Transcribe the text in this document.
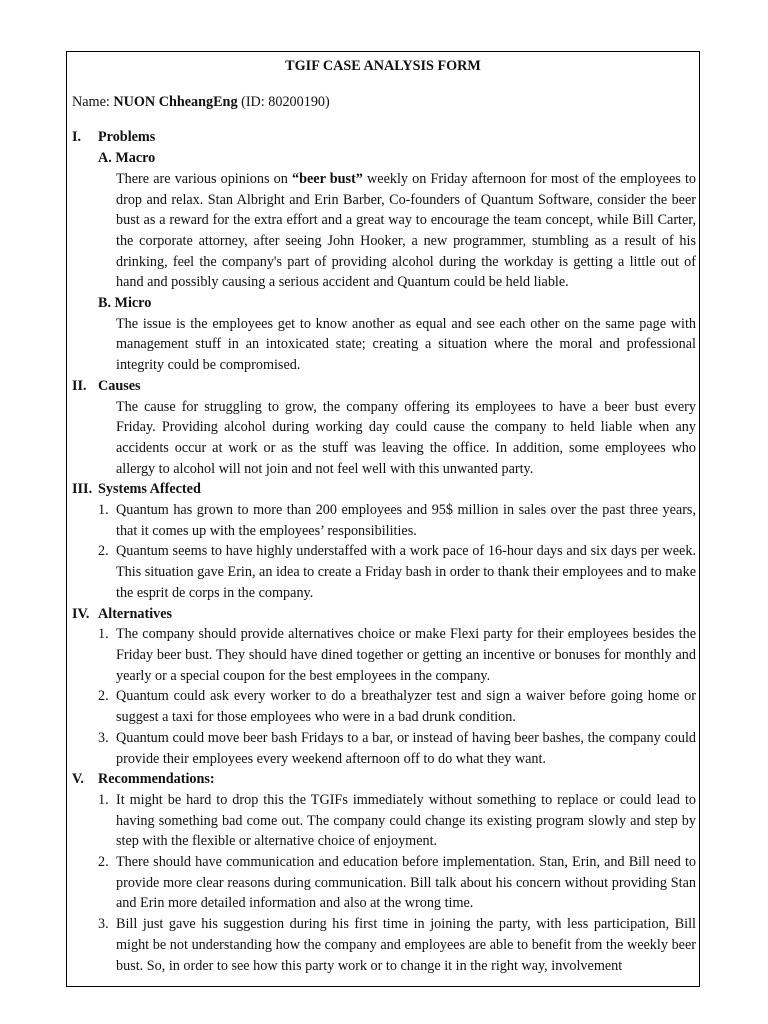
TGIF CASE ANALYSIS FORM
Name: NUON ChheangEng (ID: 80200190)
I.	Problems
A. Macro
There are various opinions on “beer bust” weekly on Friday afternoon for most of the employees to drop and relax. Stan Albright and Erin Barber, Co-founders of Quantum Software, consider the beer bust as a reward for the extra effort and a great way to encourage the team concept, while Bill Carter, the corporate attorney, after seeing John Hooker, a new programmer, stumbling as a result of his drinking, feel the company's part of providing alcohol during the workday is getting a little out of hand and possibly causing a serious accident and Quantum could be held liable.
B. Micro
The issue is the employees get to know another as equal and see each other on the same page with management stuff in an intoxicated state; creating a situation where the moral and professional integrity could be compromised.
II. Causes
The cause for struggling to grow, the company offering its employees to have a beer bust every Friday. Providing alcohol during working day could cause the company to held liable when any accidents occur at work or as the stuff was leaving the office. In addition, some employees who allergy to alcohol will not join and not feel well with this unwanted party.
III. Systems Affected
1. Quantum has grown to more than 200 employees and 95$ million in sales over the past three years, that it comes up with the employees’ responsibilities.
2. Quantum seems to have highly understaffed with a work pace of 16-hour days and six days per week. This situation gave Erin, an idea to create a Friday bash in order to thank their employees and to make the esprit de corps in the company.
IV. Alternatives
1. The company should provide alternatives choice or make Flexi party for their employees besides the Friday beer bust. They should have dined together or getting an incentive or bonuses for monthly and yearly or a special coupon for the best employees in the company.
2. Quantum could ask every worker to do a breathalyzer test and sign a waiver before going home or suggest a taxi for those employees who were in a bad drunk condition.
3. Quantum could move beer bash Fridays to a bar, or instead of having beer bashes, the company could provide their employees every weekend afternoon off to do what they want.
V. Recommendations:
1. It might be hard to drop this the TGIFs immediately without something to replace or could lead to having something bad come out. The company could change its existing program slowly and step by step with the flexible or alternative choice of enjoyment.
2. There should have communication and education before implementation. Stan, Erin, and Bill need to provide more clear reasons during communication. Bill talk about his concern without providing Stan and Erin more detailed information and also at the wrong time.
3. Bill just gave his suggestion during his first time in joining the party, with less participation, Bill might be not understanding how the company and employees are able to benefit from the weekly beer bust. So, in order to see how this party work or to change it in the right way, involvement
